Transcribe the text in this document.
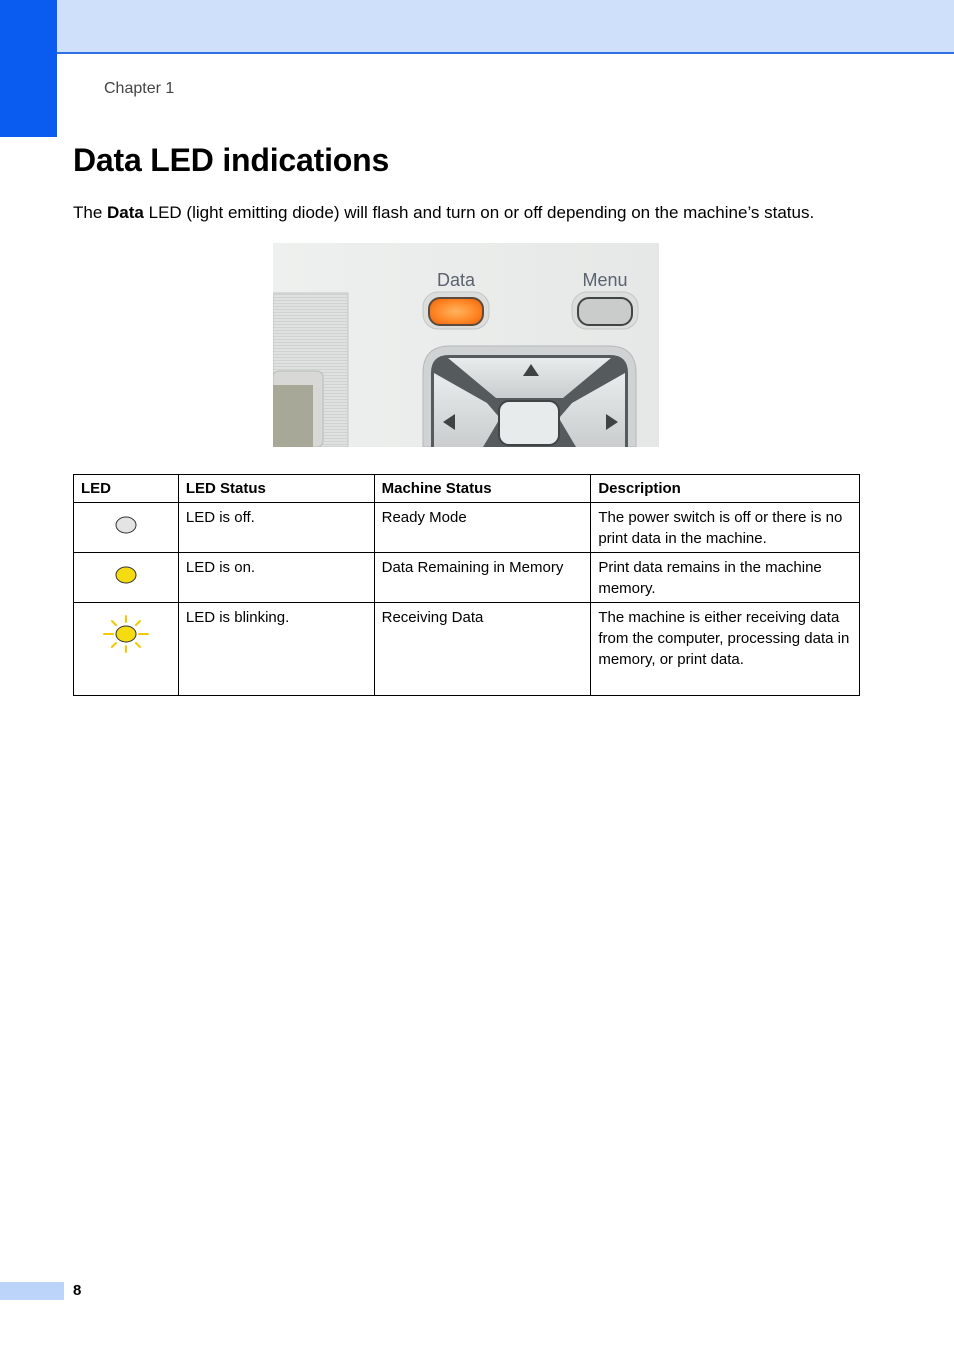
Chapter 1
Data LED indications

The Data LED (light emitting diode) will flash and turn on or off depending on the machine’s status.

Data	Menu
LED	LED Status	Machine Status	Description
	LED is off.	Ready Mode	The power switch is off or there is no print data in the machine.
	LED is on.	Data Remaining in Memory	Print data remains in the machine memory.
	LED is blinking.	Receiving Data	The machine is either receiving data from the computer, processing data in memory, or print data.
8
